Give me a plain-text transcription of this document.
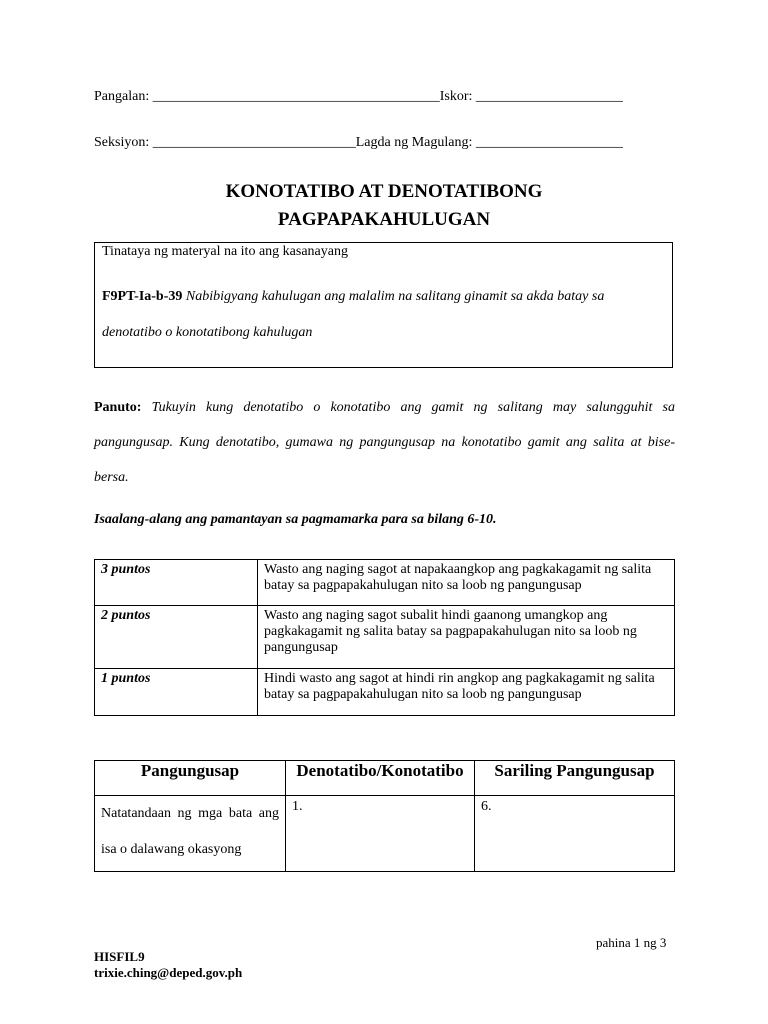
Pangalan: _________________________________________Iskor: _____________________
Seksiyon: _____________________________Lagda ng Magulang: _____________________
KONOTATIBO AT DENOTATIBONG
PAGPAPAKAHULUGAN
Tinataya ng materyal na ito ang kasanayang
F9PT-Ia-b-39 Nabibigyang kahulugan ang malalim na salitang ginamit sa akda batay sa
denotatibo o konotatibong kahulugan
Panuto: Tukuyin kung denotatibo o konotatibo ang gamit ng salitang may salungguhit sa pangungusap. Kung denotatibo, gumawa ng pangungusap na konotatibo gamit ang salita at bise-bersa.
Isaalang-alang ang pamantayan sa pagmamarka para sa bilang 6-10.
3 puntos	Wasto ang naging sagot at napakaangkop ang pagkakagamit ng salita batay sa pagpapakahulugan nito sa loob ng pangungusap
2 puntos	Wasto ang naging sagot subalit hindi gaanong umangkop ang pagkakagamit ng salita batay sa pagpapakahulugan nito sa loob ng pangungusap
1 puntos	Hindi wasto ang sagot at hindi rin angkop ang pagkakagamit ng salita batay sa pagpapakahulugan nito sa loob ng pangungusap
Pangungusap	Denotatibo/Konotatibo	Sariling Pangungusap
Natatandaan ng mga bata ang isa o dalawang okasyong	1.	6.
pahina 1 ng 3
HISFIL9
trixie.ching@deped.gov.ph
